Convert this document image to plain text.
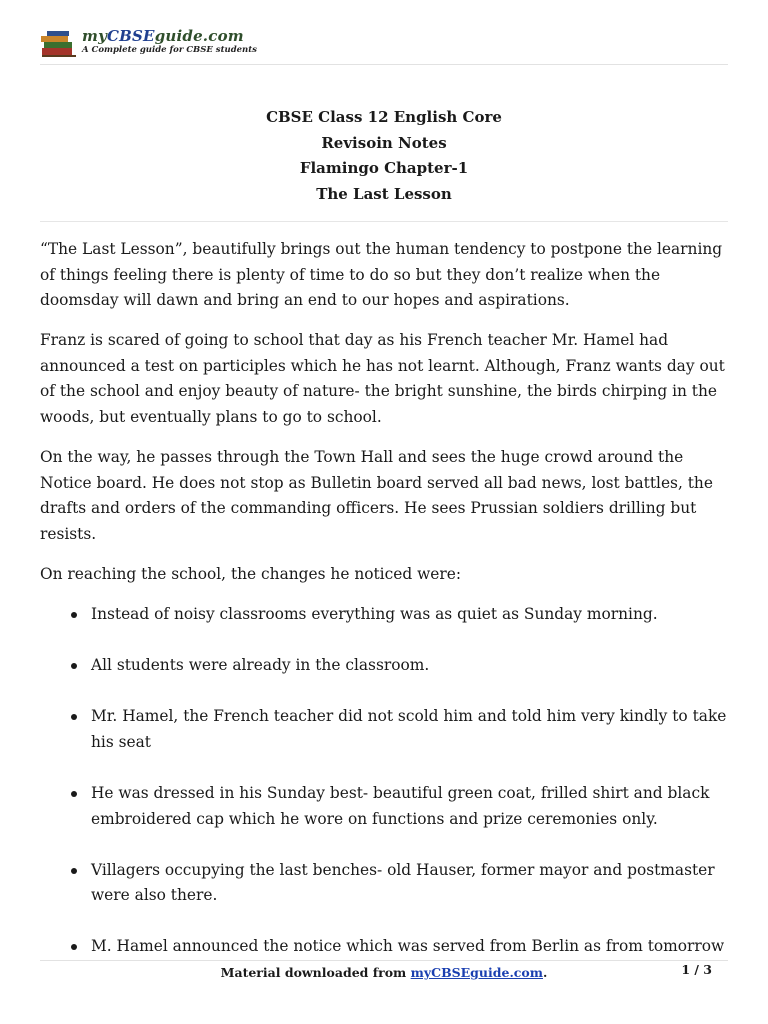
myCBSEguide.com
A Complete guide for CBSE students
CBSE Class 12 English Core
Revisoin Notes
Flamingo Chapter-1
The Last Lesson

“The Last Lesson”, beautifully brings out the human tendency to postpone the learning of things feeling there is plenty of time to do so but they don’t realize when the doomsday will dawn and bring an end to our hopes and aspirations.

Franz is scared of going to school that day as his French teacher Mr. Hamel had announced a test on participles which he has not learnt. Although, Franz wants day out of the school and enjoy beauty of nature- the bright sunshine, the birds chirping in the woods, but eventually plans to go to school.

On the way, he passes through the Town Hall and sees the huge crowd around the Notice board. He does not stop as Bulletin board served all bad news, lost battles, the drafts and orders of the commanding officers. He sees Prussian soldiers drilling but resists.

On reaching the school, the changes he noticed were:

Instead of noisy classrooms everything was as quiet as Sunday morning.
All students were already in the classroom.
Mr. Hamel, the French teacher did not scold him and told him very kindly to take his seat
He was dressed in his Sunday best- beautiful green coat, frilled shirt and black embroidered cap which he wore on functions and prize ceremonies only.
Villagers occupying the last benches- old Hauser, former mayor and postmaster were also there.
M. Hamel announced the notice which was served from Berlin as from tomorrow
Material downloaded from myCBSEguide.com.	1 / 3
